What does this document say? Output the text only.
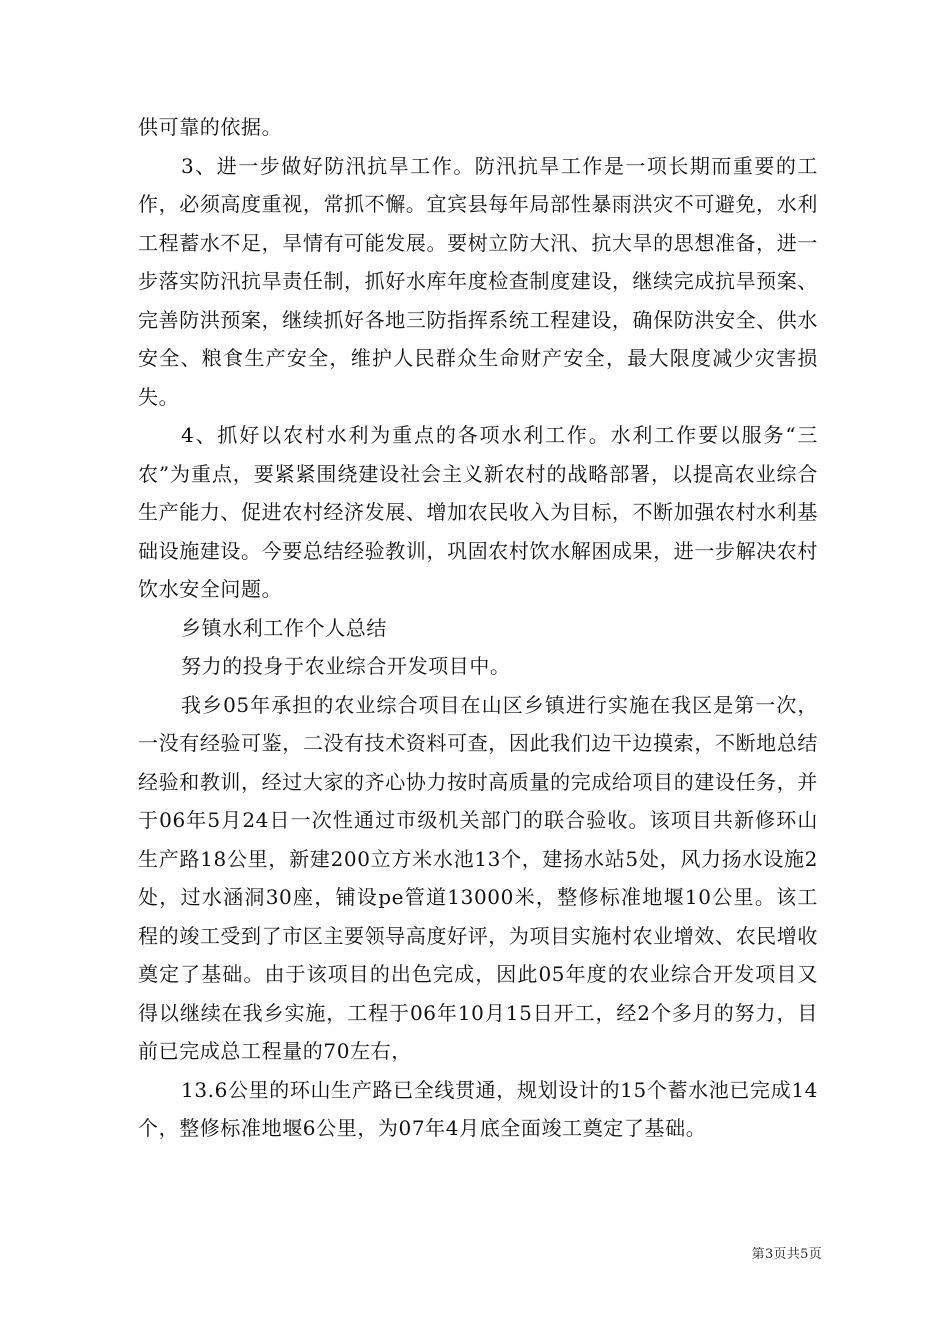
供可靠的依据。

3、进一步做好防汛抗旱工作。防汛抗旱工作是一项长期而重要的工作，必须高度重视，常抓不懈。宜宾县每年局部性暴雨洪灾不可避免，水利工程蓄水不足，旱情有可能发展。要树立防大汛、抗大旱的思想准备，进一步落实防汛抗旱责任制，抓好水库年度检查制度建设，继续完成抗旱预案、完善防洪预案，继续抓好各地三防指挥系统工程建设，确保防洪安全、供水安全、粮食生产安全，维护人民群众生命财产安全，最大限度减少灾害损失。

4、抓好以农村水利为重点的各项水利工作。水利工作要以服务“三农”为重点，要紧紧围绕建设社会主义新农村的战略部署，以提高农业综合生产能力、促进农村经济发展、增加农民收入为目标，不断加强农村水利基础设施建设。今要总结经验教训，巩固农村饮水解困成果，进一步解决农村饮水安全问题。

乡镇水利工作个人总结

努力的投身于农业综合开发项目中。

我乡05年承担的农业综合项目在山区乡镇进行实施在我区是第一次，一没有经验可鉴，二没有技术资料可查，因此我们边干边摸索，不断地总结经验和教训，经过大家的齐心协力按时高质量的完成给项目的建设任务，并于06年5月24日一次性通过市级机关部门的联合验收。该项目共新修环山生产路18公里，新建200立方米水池13个，建扬水站5处，风力扬水设施2处，过水涵洞30座，铺设pe管道13000米，整修标准地堰10公里。该工程的竣工受到了市区主要领导高度好评，为项目实施村农业增效、农民增收奠定了基础。由于该项目的出色完成，因此05年度的农业综合开发项目又得以继续在我乡实施，工程于06年10月15日开工，经2个多月的努力，目前已完成总工程量的70左右，

13.6公里的环山生产路已全线贯通，规划设计的15个蓄水池已完成14个，整修标准地堰6公里，为07年4月底全面竣工奠定了基础。

第3页共5页
